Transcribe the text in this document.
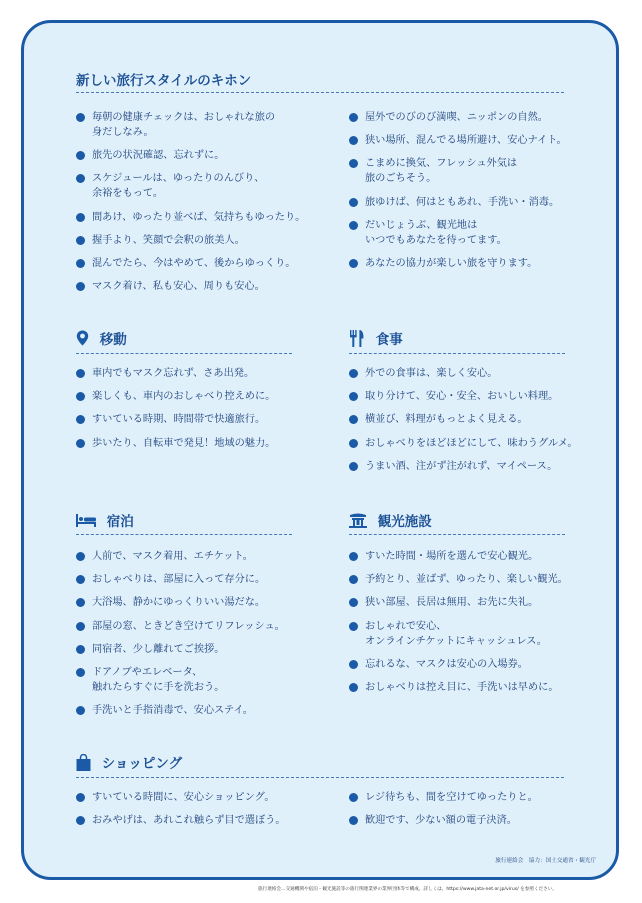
新しい旅行スタイルのキホン
毎朝の健康チェックは、おしゃれな旅の
身だしなみ。
旅先の状況確認、忘れずに。
スケジュールは、ゆったりのんびり、
余裕をもって。
間あけ、ゆったり並べば、気持ちもゆったり。
握手より、笑顔で会釈の旅美人。
混んでたら、今はやめて、後からゆっくり。
マスク着け、私も安心、周りも安心。
屋外でのびのび満喫、ニッポンの自然。
狭い場所、混んでる場所避け、安心ナイト。
こまめに換気、フレッシュ外気は
旅のごちそう。
旅ゆけば、何はともあれ、手洗い・消毒。
だいじょうぶ、観光地は
いつでもあなたを待ってます。
あなたの協力が楽しい旅を守ります。
移動
車内でもマスク忘れず、さあ出発。
楽しくも、車内のおしゃべり控えめに。
すいている時期、時間帯で快適旅行。
歩いたり、自転車で発見！地域の魅力。
食事
外での食事は、楽しく安心。
取り分けて、安心・安全、おいしい料理。
横並び、料理がもっとよく見える。
おしゃべりをほどほどにして、味わうグルメ。
うまい酒、注がず注がれず、マイペース。
宿泊
人前で、マスク着用、エチケット。
おしゃべりは、部屋に入って存分に。
大浴場、静かにゆっくりいい湯だな。
部屋の窓、ときどき空けてリフレッシュ。
同宿者、少し離れてご挨拶。
ドアノブやエレベータ、
触れたらすぐに手を洗おう。
手洗いと手指消毒で、安心ステイ。
観光施設
すいた時間・場所を選んで安心観光。
予約とり、並ばず、ゆったり、楽しい観光。
狭い部屋、長居は無用、お先に失礼。
おしゃれで安心、
オンラインチケットにキャッシュレス。
忘れるな、マスクは安心の入場券。
おしゃべりは控え目に、手洗いは早めに。
ショッピング
すいている時間に、安心ショッピング。
おみやげは、あれこれ触らず目で選ぼう。
レジ待ちも、間を空けてゆったりと。
歓迎です、少ない額の電子決済。
旅行連絡会　協力：国土交通省・観光庁
旅行連絡会…交通機関や宿泊・観光施設等の旅行関連業界の業界団体等で構成。詳しくは、https://www.jata-net.or.jp/virus/ を参照ください。
